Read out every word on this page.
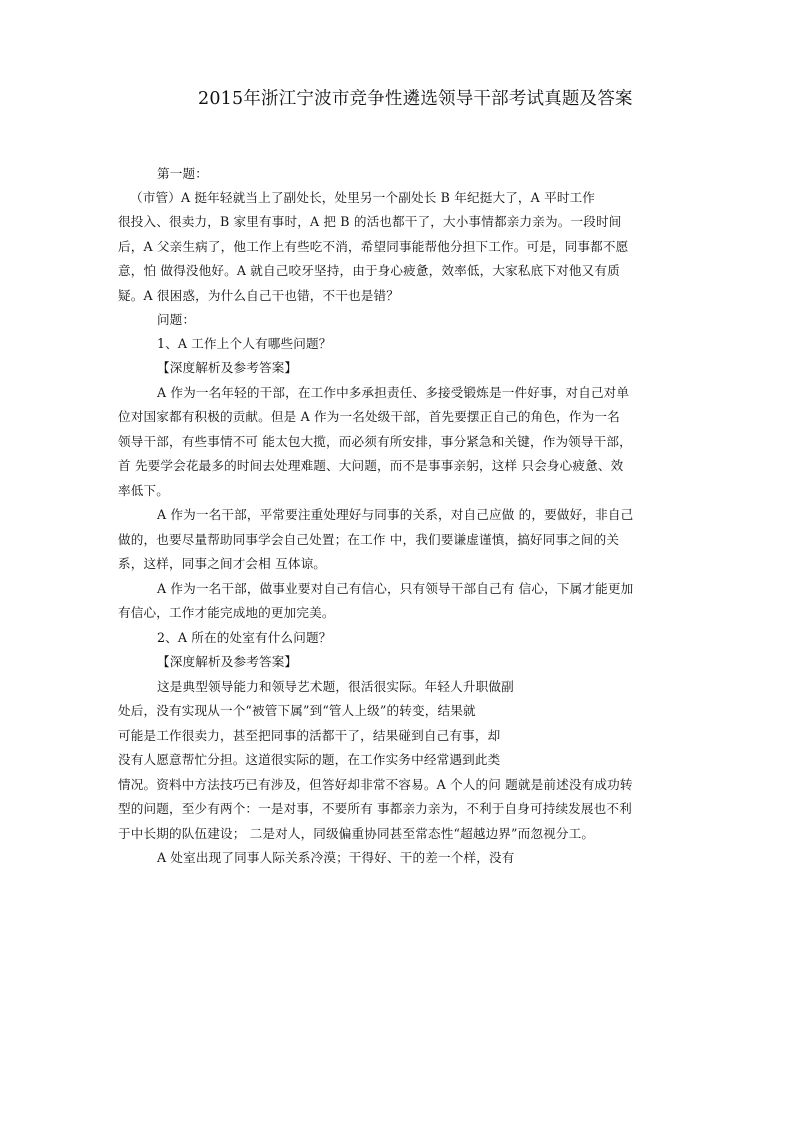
2015年浙江宁波市竞争性遴选领导干部考试真题及答案
第一题：
（市管）A 挺年轻就当上了副处长，处里另一个副处长 B 年纪挺大了，A 平时工作
很投入、很卖力，B 家里有事时，A 把 B 的活也都干了，大小事情都亲力亲为。一段时间
后，A 父亲生病了，他工作上有些吃不消，希望同事能帮他分担下工作。可是，同事都不愿
意，怕 做得没他好。A 就自己咬牙坚持，由于身心疲惫，效率低，大家私底下对他又有质
疑。A 很困惑，为什么自己干也错，不干也是错？
问题：
1、A 工作上个人有哪些问题？
【深度解析及参考答案】
A 作为一名年轻的干部，在工作中多承担责任、多接受锻炼是一件好事，对自己对单
位对国家都有积极的贡献。但是 A 作为一名处级干部，首先要摆正自己的角色，作为一名
领导干部，有些事情不可 能太包大揽，而必须有所安排，事分紧急和关键，作为领导干部，
首 先要学会花最多的时间去处理难题、大问题，而不是事事亲躬，这样 只会身心疲惫、效
率低下。
A 作为一名干部，平常要注重处理好与同事的关系，对自己应做 的，要做好，非自己
做的，也要尽量帮助同事学会自己处置；在工作 中，我们要谦虚谨慎，搞好同事之间的关
系，这样，同事之间才会相 互体谅。
A 作为一名干部，做事业要对自己有信心，只有领导干部自己有 信心，下属才能更加
有信心，工作才能完成地的更加完美。
2、A 所在的处室有什么问题？
【深度解析及参考答案】
这是典型领导能力和领导艺术题，很活很实际。年轻人升职做副
处后，没有实现从一个“被管下属”到“管人上级”的转变，结果就
可能是工作很卖力，甚至把同事的活都干了，结果碰到自己有事，却
没有人愿意帮忙分担。这道很实际的题，在工作实务中经常遇到此类
情况。资料中方法技巧已有涉及，但答好却非常不容易。A 个人的问 题就是前述没有成功转
型的问题，至少有两个：一是对事，不要所有 事都亲力亲为，不利于自身可持续发展也不利
于中长期的队伍建设； 二是对人，同级偏重协同甚至常态性“超越边界”而忽视分工。
A 处室出现了同事人际关系冷漠；干得好、干的差一个样，没有
